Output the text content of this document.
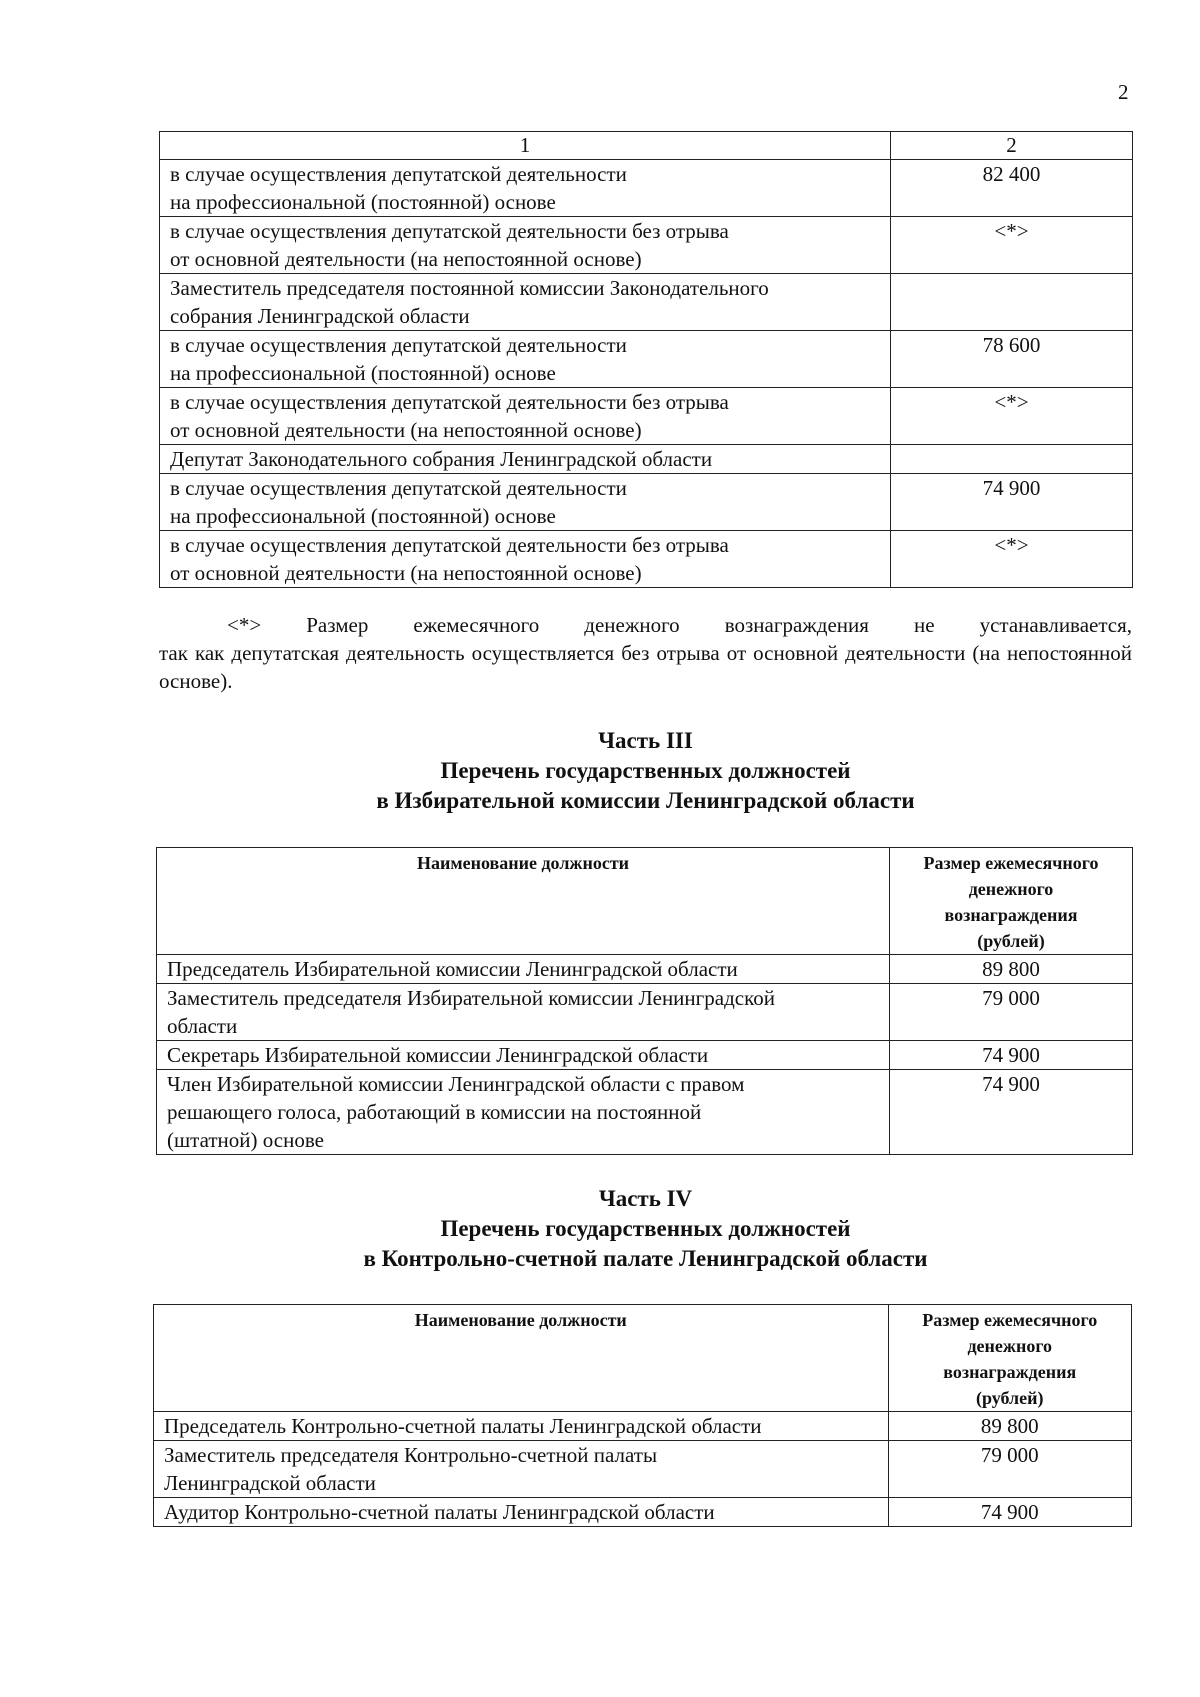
2
1	2
в случае осуществления депутатской деятельности
на профессиональной (постоянной) основе	82 400
в случае осуществления депутатской деятельности без отрыва
от основной деятельности (на непостоянной основе)	<*>
Заместитель председателя постоянной комиссии Законодательного
собрания Ленинградской области	
в случае осуществления депутатской деятельности
на профессиональной (постоянной) основе	78 600
в случае осуществления депутатской деятельности без отрыва
от основной деятельности (на непостоянной основе)	<*>
Депутат Законодательного собрания Ленинградской области	
в случае осуществления депутатской деятельности
на профессиональной (постоянной) основе	74 900
в случае осуществления депутатской деятельности без отрыва
от основной деятельности (на непостоянной основе)	<*>
<*> Размер ежемесячного денежного вознаграждения не устанавливается,
так как депутатская деятельность осуществляется без отрыва от основной деятельности (на непостоянной основе).
Часть III
Перечень государственных должностей
в Избирательной комиссии Ленинградской области
Наименование должности	Размер ежемесячного
денежного
вознаграждения
(рублей)
Председатель Избирательной комиссии Ленинградской области	89 800
Заместитель председателя Избирательной комиссии Ленинградской
области	79 000
Секретарь Избирательной комиссии Ленинградской области	74 900
Член Избирательной комиссии Ленинградской области с правом
решающего голоса, работающий в комиссии на постоянной
(штатной) основе	74 900
Часть IV
Перечень государственных должностей
в Контрольно-счетной палате Ленинградской области
Наименование должности	Размер ежемесячного
денежного
вознаграждения
(рублей)
Председатель Контрольно-счетной палаты Ленинградской области	89 800
Заместитель председателя Контрольно-счетной палаты
Ленинградской области	79 000
Аудитор Контрольно-счетной палаты Ленинградской области	74 900
